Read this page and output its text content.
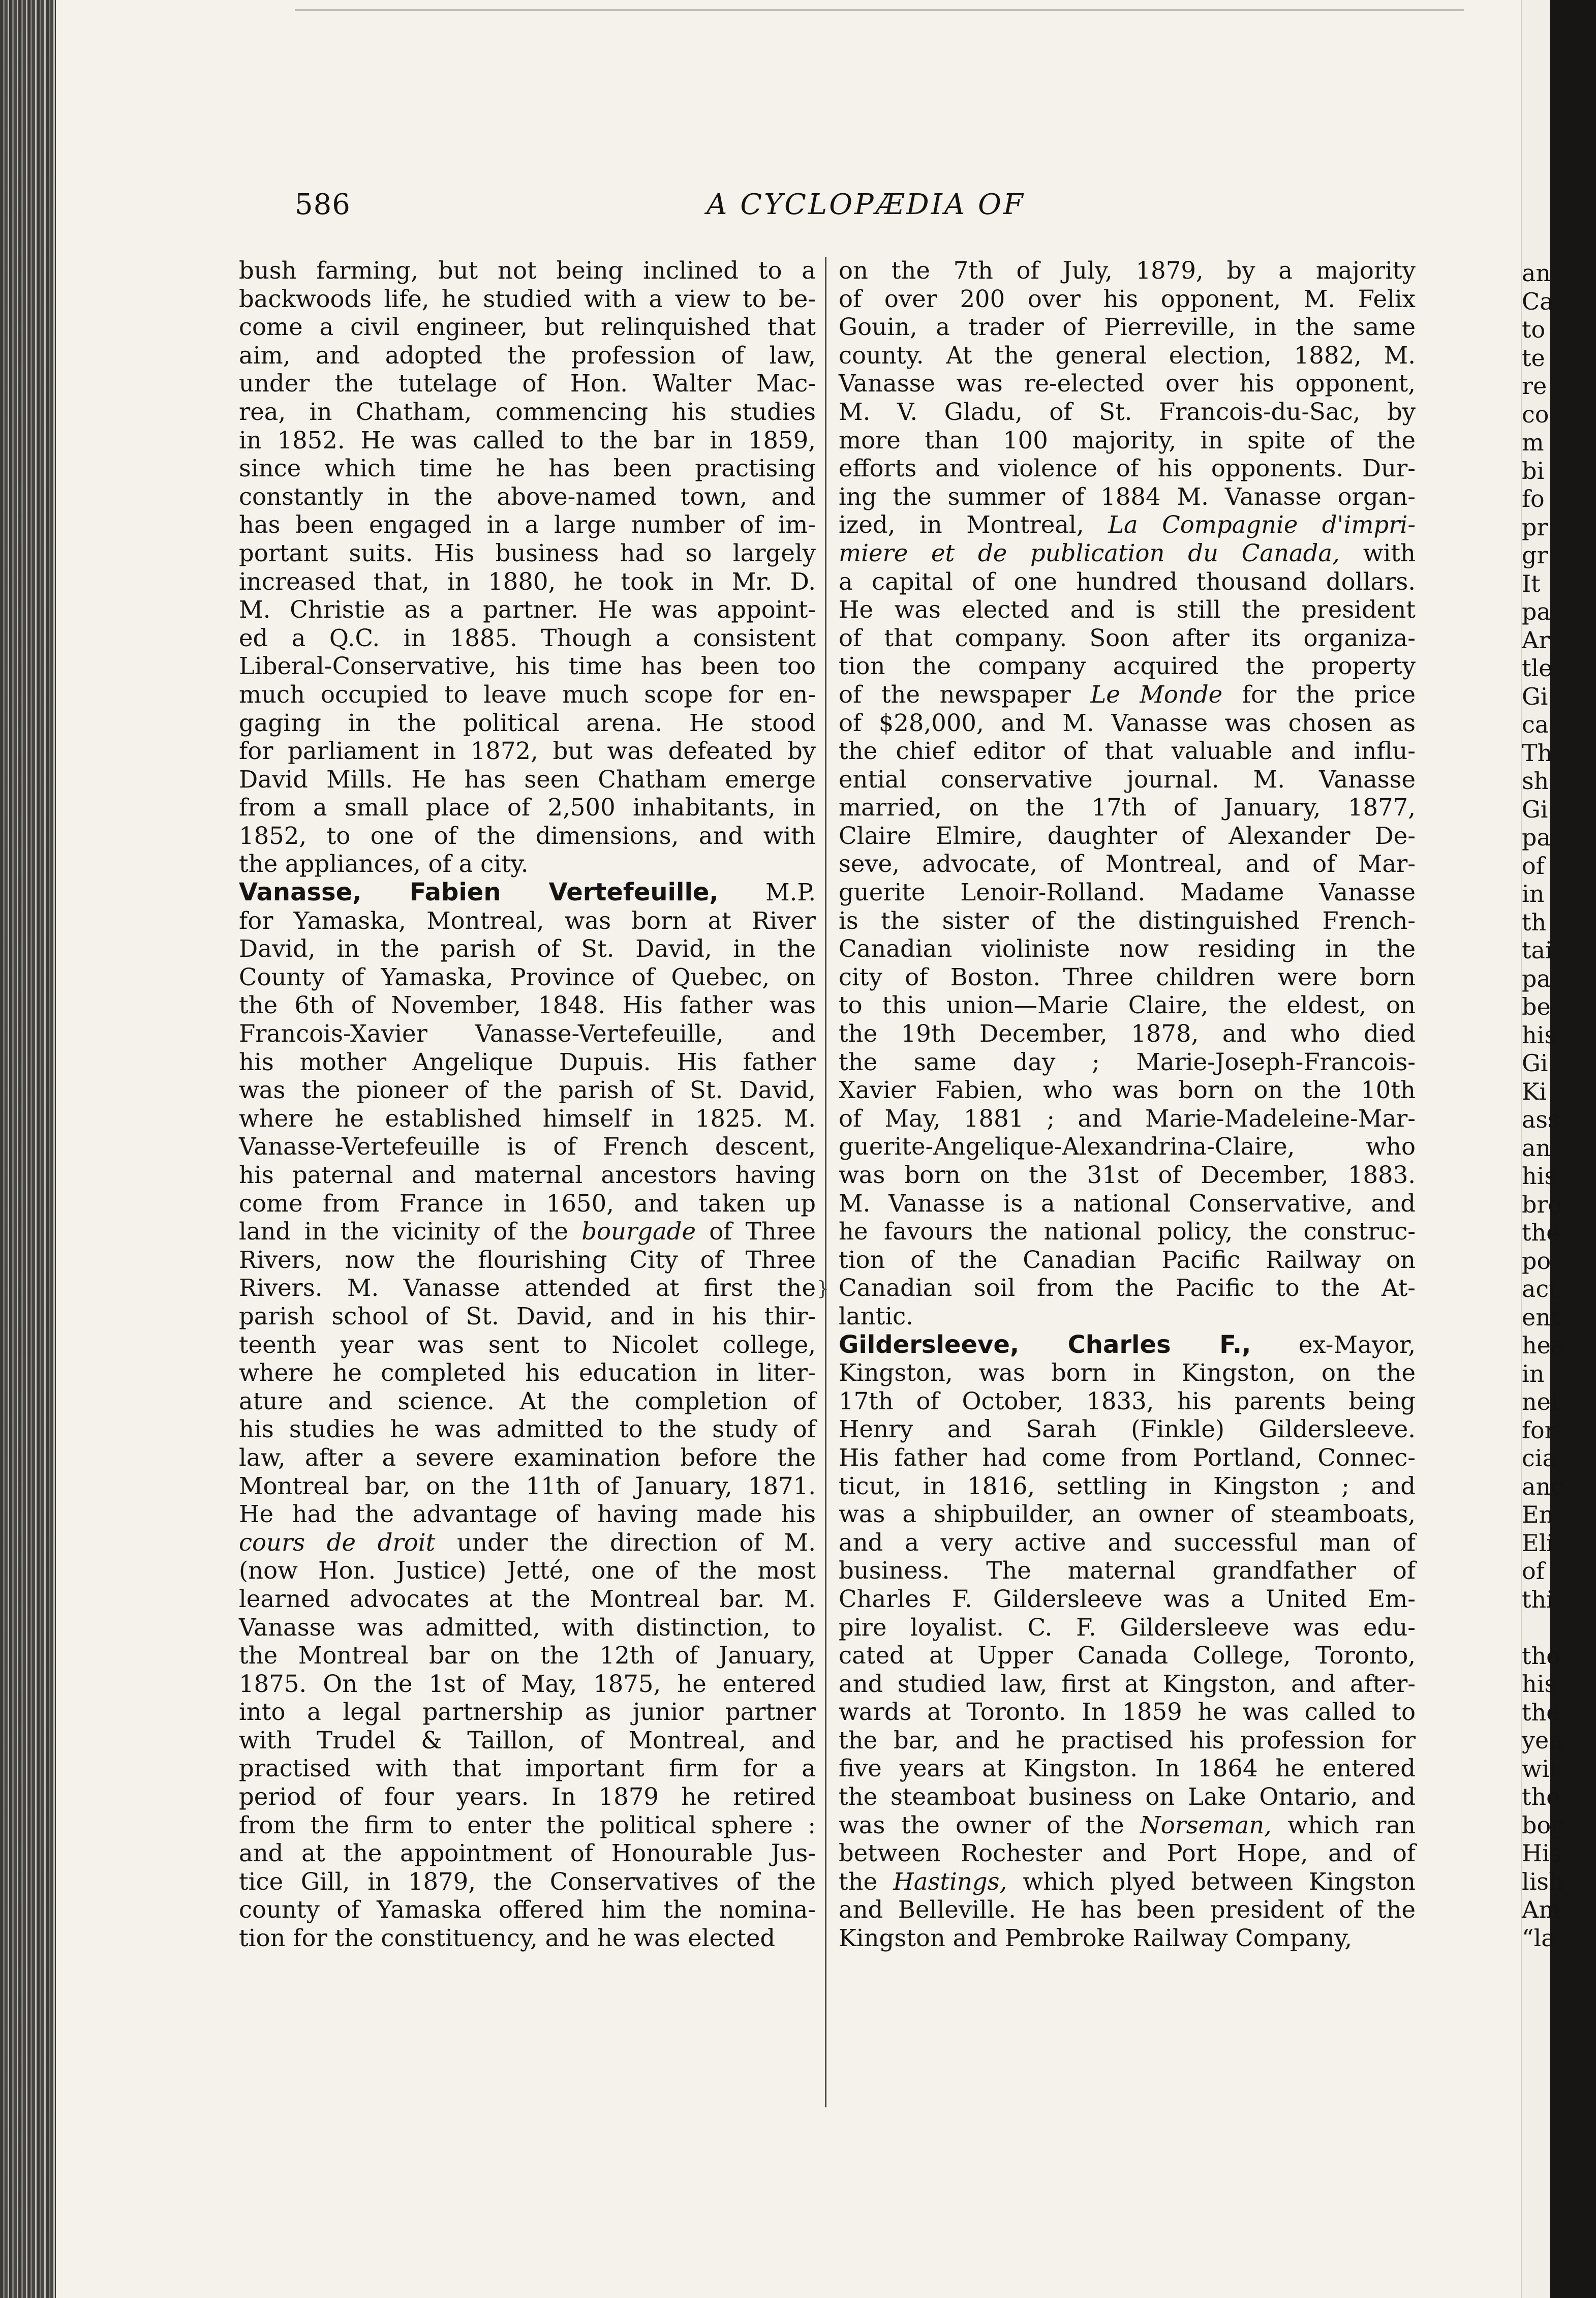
586	A CYCLOPÆDIA OF
bush farming, but not being inclined to a
backwoods life, he studied with a view to be-
come a civil engineer, but relinquished that
aim, and adopted the profession of law,
under the tutelage of Hon. Walter Mac-
rea, in Chatham, commencing his studies
in 1852. He was called to the bar in 1859,
since which time he has been practising
constantly in the above-named town, and
has been engaged in a large number of im-
portant suits. His business had so largely
increased that, in 1880, he took in Mr. D.
M. Christie as a partner. He was appoint-
ed a Q.C. in 1885. Though a consistent
Liberal-Conservative, his time has been too
much occupied to leave much scope for en-
gaging in the political arena. He stood
for parliament in 1872, but was defeated by
David Mills. He has seen Chatham emerge
from a small place of 2,500 inhabitants, in
1852, to one of the dimensions, and with
the appliances, of a city.
Vanasse, Fabien Vertefeuille, M.P.
for Yamaska, Montreal, was born at River
David, in the parish of St. David, in the
County of Yamaska, Province of Quebec, on
the 6th of November, 1848. His father was
Francois-Xavier Vanasse-Vertefeuille, and
his mother Angelique Dupuis. His father
was the pioneer of the parish of St. David,
where he established himself in 1825. M.
Vanasse-Vertefeuille is of French descent,
his paternal and maternal ancestors having
come from France in 1650, and taken up
land in the vicinity of the bourgade of Three
Rivers, now the flourishing City of Three
Rivers. M. Vanasse attended at first the
parish school of St. David, and in his thir-
teenth year was sent to Nicolet college,
where he completed his education in liter-
ature and science. At the completion of
his studies he was admitted to the study of
law, after a severe examination before the
Montreal bar, on the 11th of January, 1871.
He had the advantage of having made his
cours de droit under the direction of M.
(now Hon. Justice) Jetté, one of the most
learned advocates at the Montreal bar. M.
Vanasse was admitted, with distinction, to
the Montreal bar on the 12th of January,
1875. On the 1st of May, 1875, he entered
into a legal partnership as junior partner
with Trudel & Taillon, of Montreal, and
practised with that important firm for a
period of four years. In 1879 he retired
from the firm to enter the political sphere :
and at the appointment of Honourable Jus-
tice Gill, in 1879, the Conservatives of the
county of Yamaska offered him the nomina-
tion for the constituency, and he was elected
}
on the 7th of July, 1879, by a majority
of over 200 over his opponent, M. Felix
Gouin, a trader of Pierreville, in the same
county. At the general election, 1882, M.
Vanasse was re-elected over his opponent,
M. V. Gladu, of St. Francois-du-Sac, by
more than 100 majority, in spite of the
efforts and violence of his opponents. Dur-
ing the summer of 1884 M. Vanasse organ-
ized, in Montreal, La Compagnie d'impri-
miere et de publication du Canada, with
a capital of one hundred thousand dollars.
He was elected and is still the president
of that company. Soon after its organiza-
tion the company acquired the property
of the newspaper Le Monde for the price
of $28,000, and M. Vanasse was chosen as
the chief editor of that valuable and influ-
ential conservative journal. M. Vanasse
married, on the 17th of January, 1877,
Claire Elmire, daughter of Alexander De-
seve, advocate, of Montreal, and of Mar-
guerite Lenoir-Rolland. Madame Vanasse
is the sister of the distinguished French-
Canadian violiniste now residing in the
city of Boston. Three children were born
to this union—Marie Claire, the eldest, on
the 19th December, 1878, and who died
the same day ; Marie-Joseph-Francois-
Xavier Fabien, who was born on the 10th
of May, 1881 ; and Marie-Madeleine-Mar-
guerite-Angelique-Alexandrina-Claire, who
was born on the 31st of December, 1883.
M. Vanasse is a national Conservative, and
he favours the national policy, the construc-
tion of the Canadian Pacific Railway on
Canadian soil from the Pacific to the At-
lantic.
Gildersleeve, Charles F., ex-Mayor,
Kingston, was born in Kingston, on the
17th of October, 1833, his parents being
Henry and Sarah (Finkle) Gildersleeve.
His father had come from Portland, Connec-
ticut, in 1816, settling in Kingston ; and
was a shipbuilder, an owner of steamboats,
and a very active and successful man of
business. The maternal grandfather of
Charles F. Gildersleeve was a United Em-
pire loyalist. C. F. Gildersleeve was edu-
cated at Upper Canada College, Toronto,
and studied law, first at Kingston, and after-
wards at Toronto. In 1859 he was called to
the bar, and he practised his profession for
five years at Kingston. In 1864 he entered
the steamboat business on Lake Ontario, and
was the owner of the Norseman, which ran
between Rochester and Port Hope, and of
the Hastings, which plyed between Kingston
and Belleville. He has been president of the
Kingston and Pembroke Railway Company,
an
Ca
to
te
re
co
m
bi
fo
pr
gr
It
pa
Ar
tle
Gi
ca
Th
sh
Gi
pa
of
in
th
tai
pa
be
his
Gi
Ki
ass
an
his
bro
the
po
act
ent
hea
in
nei
for
cia
anc
En
Eli
of
thi
tho
his
the
yea
wit
the
bor
His
lish
Am
“la
